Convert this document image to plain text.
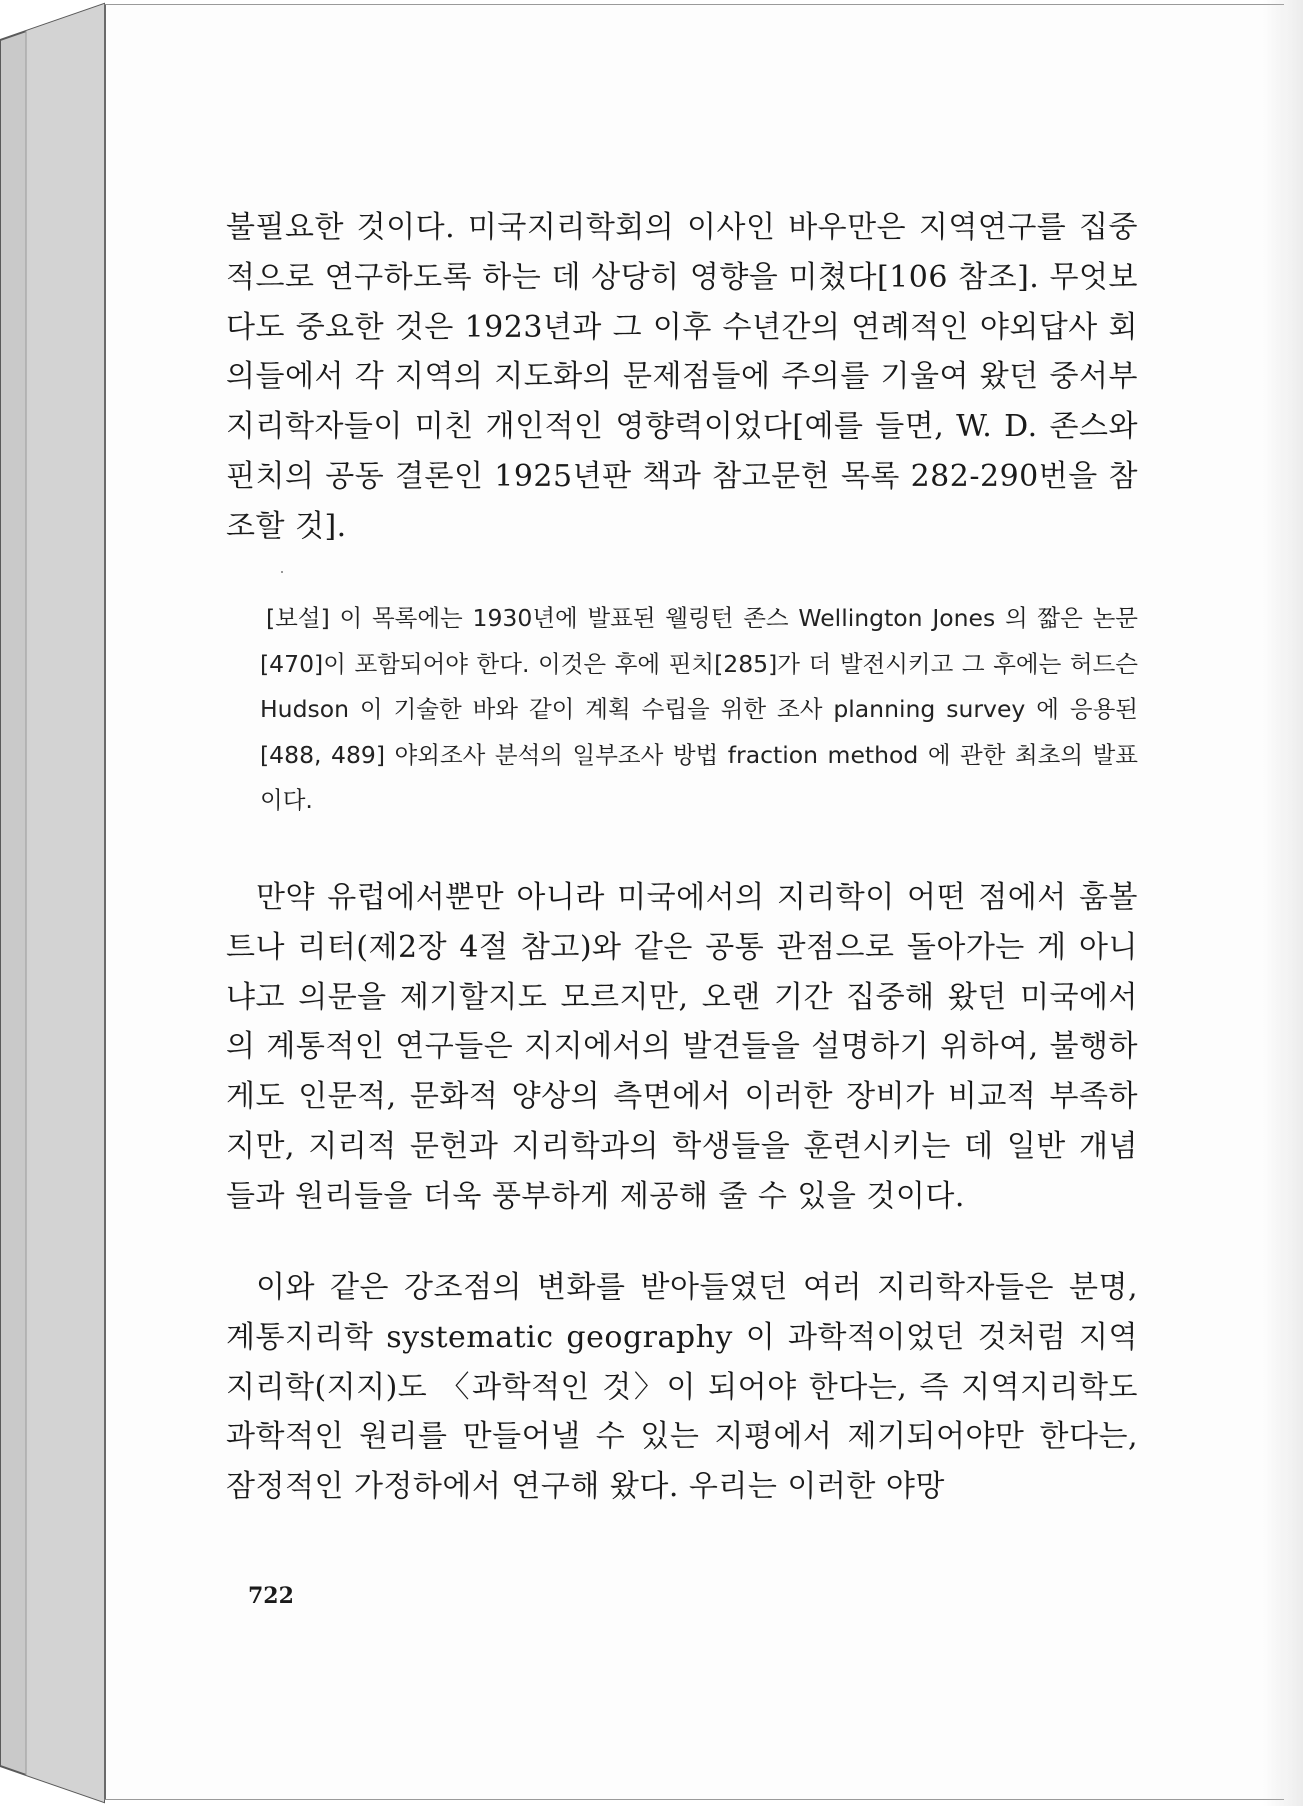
불필요한 것이다. 미국지리학회의 이사인 바우만은 지역연구를 집중적으로 연구하도록 하는 데 상당히 영향을 미쳤다[106 참조]. 무엇보다도 중요한 것은 1923년과 그 이후 수년간의 연례적인 야외답사 회의들에서 각 지역의 지도화의 문제점들에 주의를 기울여 왔던 중서부 지리학자들이 미친 개인적인 영향력이었다[예를 들면, W. D. 존스와 핀치의 공동 결론인 1925년판 책과 참고문헌 목록 282-290번을 참조할 것].

[보설] 이 목록에는 1930년에 발표된 웰링턴 존스 Wellington Jones 의 짧은 논문[470]이 포함되어야 한다. 이것은 후에 핀치[285]가 더 발전시키고 그 후에는 허드슨 Hudson 이 기술한 바와 같이 계획 수립을 위한 조사 planning survey 에 응용된[488, 489] 야외조사 분석의 일부조사 방법 fraction method 에 관한 최초의 발표이다.

만약 유럽에서뿐만 아니라 미국에서의 지리학이 어떤 점에서 훔볼트나 리터(제2장 4절 참고)와 같은 공통 관점으로 돌아가는 게 아니냐고 의문을 제기할지도 모르지만, 오랜 기간 집중해 왔던 미국에서의 계통적인 연구들은 지지에서의 발견들을 설명하기 위하여, 불행하게도 인문적, 문화적 양상의 측면에서 이러한 장비가 비교적 부족하지만, 지리적 문헌과 지리학과의 학생들을 훈련시키는 데 일반 개념들과 원리들을 더욱 풍부하게 제공해 줄 수 있을 것이다.

이와 같은 강조점의 변화를 받아들였던 여러 지리학자들은 분명, 계통지리학 systematic geography 이 과학적이었던 것처럼 지역지리학(지지)도 〈과학적인 것〉이 되어야 한다는, 즉 지역지리학도 과학적인 원리를 만들어낼 수 있는 지평에서 제기되어야만 한다는, 잠정적인 가정하에서 연구해 왔다. 우리는 이러한 야망

722
